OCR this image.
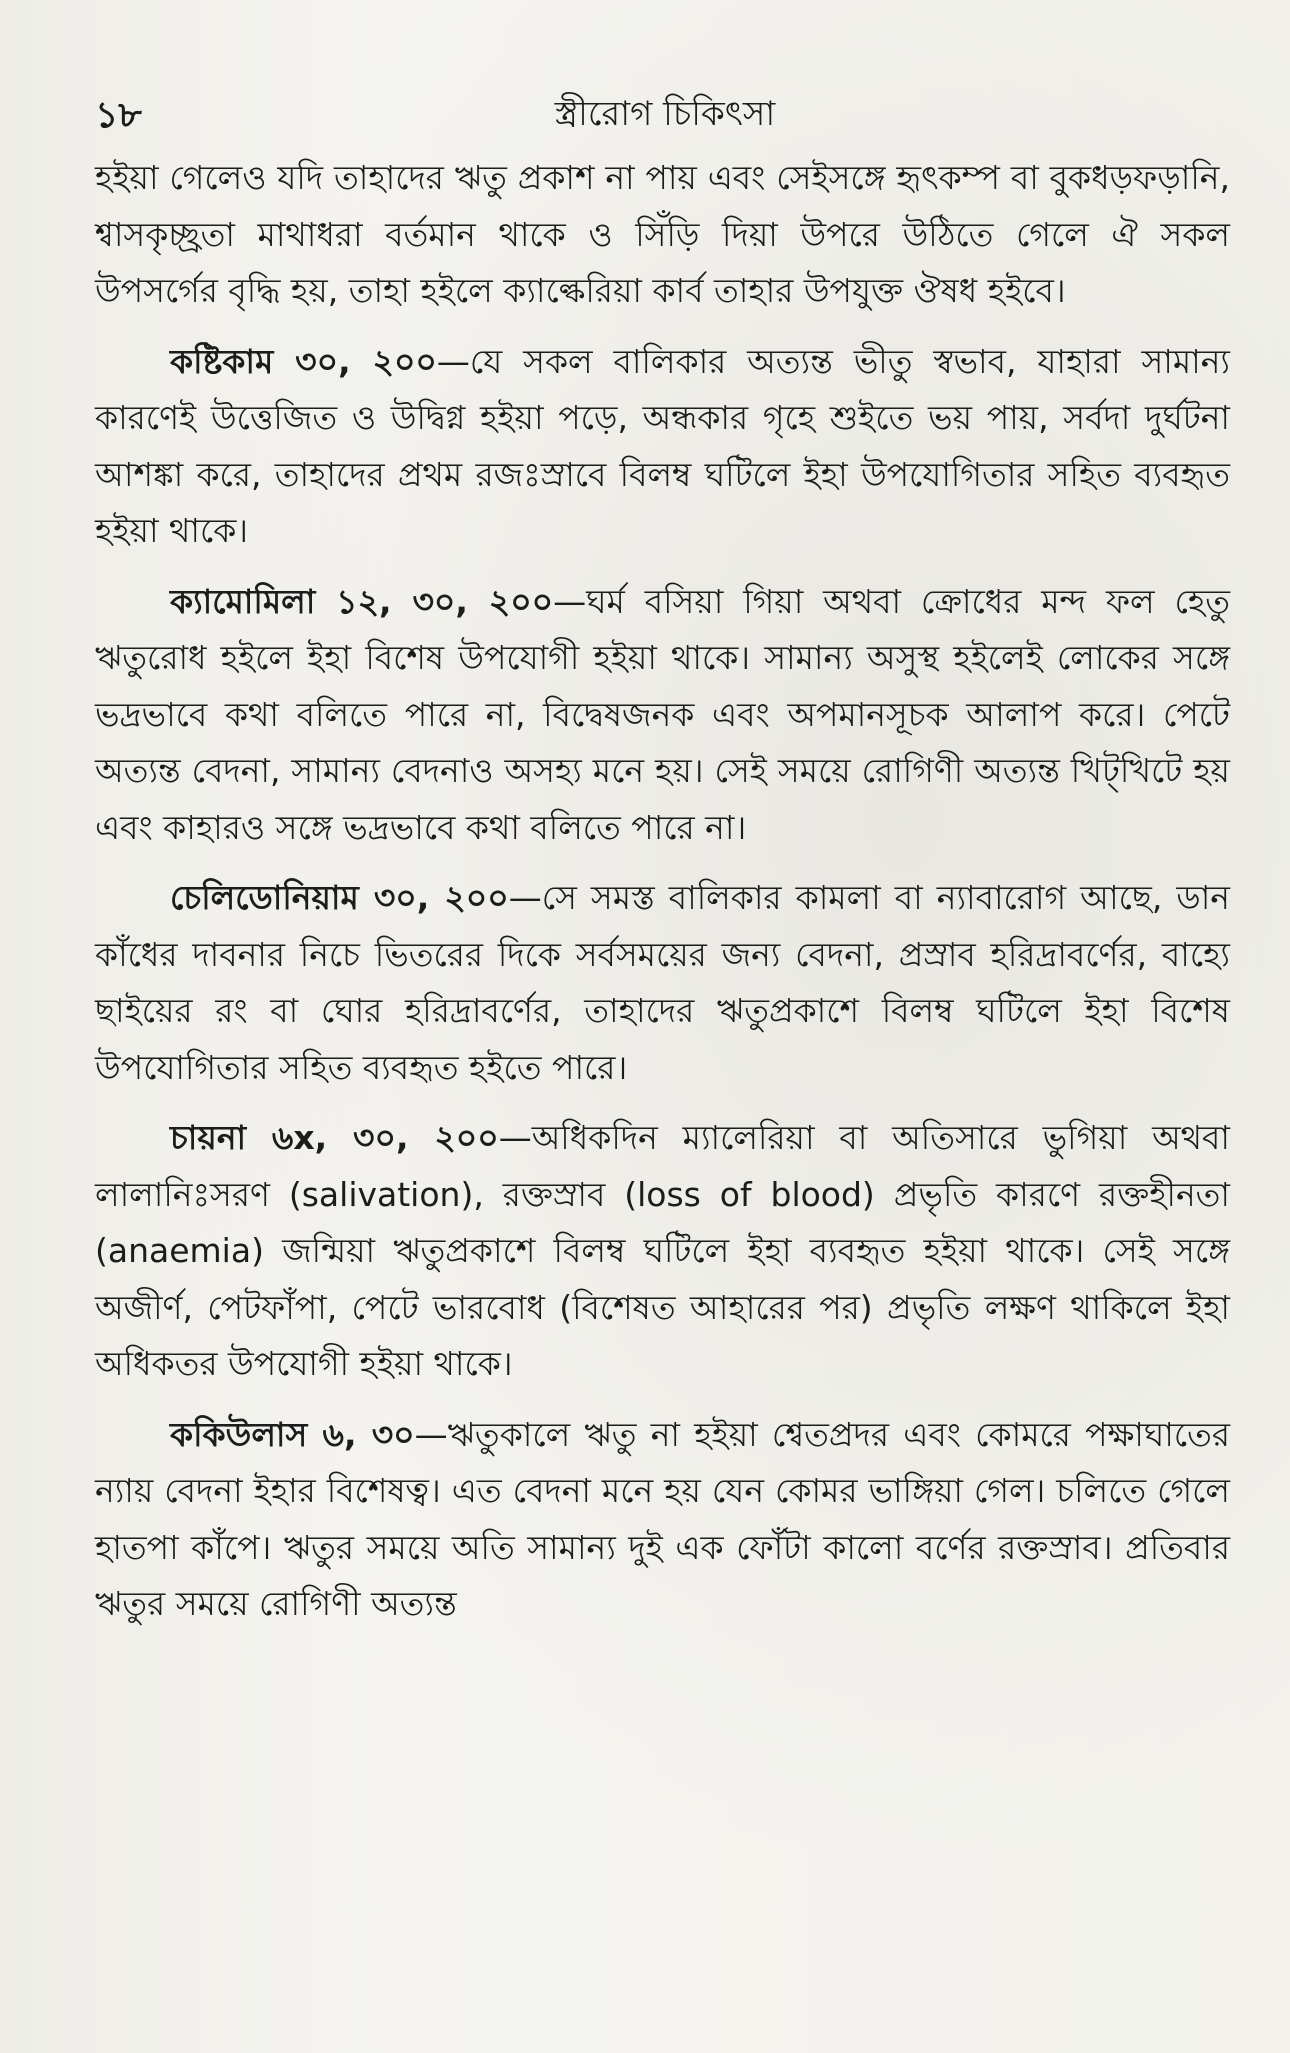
১৮	স্ত্রীরোগ চিকিৎসা

হইয়া গেলেও যদি তাহাদের ঋতু প্রকাশ না পায় এবং সেইসঙ্গে হৃৎকম্প বা বুকধড়ফড়ানি, শ্বাসকৃচ্ছ্রতা মাথাধরা বর্তমান থাকে ও সিঁড়ি দিয়া উপরে উঠিতে গেলে ঐ সকল উপসর্গের বৃদ্ধি হয়, তাহা হইলে ক্যাল্কেরিয়া কার্ব তাহার উপযুক্ত ঔষধ হইবে।

কষ্টিকাম ৩০, ২০০—যে সকল বালিকার অত্যন্ত ভীতু স্বভাব, যাহারা সামান্য কারণেই উত্তেজিত ও উদ্বিগ্ন হইয়া পড়ে, অন্ধকার গৃহে শুইতে ভয় পায়, সর্বদা দুর্ঘটনা আশঙ্কা করে, তাহাদের প্রথম রজঃস্রাবে বিলম্ব ঘটিলে ইহা উপযোগিতার সহিত ব্যবহৃত হইয়া থাকে।

ক্যামোমিলা ১২, ৩০, ২০০—ঘর্ম বসিয়া গিয়া অথবা ক্রোধের মন্দ ফল হেতু ঋতুরোধ হইলে ইহা বিশেষ উপযোগী হইয়া থাকে। সামান্য অসুস্থ হইলেই লোকের সঙ্গে ভদ্রভাবে কথা বলিতে পারে না, বিদ্বেষজনক এবং অপমানসূচক আলাপ করে। পেটে অত্যন্ত বেদনা, সামান্য বেদনাও অসহ্য মনে হয়। সেই সময়ে রোগিণী অত্যন্ত খিট্‌খিটে হয় এবং কাহারও সঙ্গে ভদ্রভাবে কথা বলিতে পারে না।

চেলিডোনিয়াম ৩০, ২০০—সে সমস্ত বালিকার কামলা বা ন্যাবারোগ আছে, ডান কাঁধের দাবনার নিচে ভিতরের দিকে সর্বসময়ের জন্য বেদনা, প্রস্রাব হরিদ্রাবর্ণের, বাহ্যে ছাইয়ের রং বা ঘোর হরিদ্রাবর্ণের, তাহাদের ঋতুপ্রকাশে বিলম্ব ঘটিলে ইহা বিশেষ উপযোগিতার সহিত ব্যবহৃত হইতে পারে।

চায়না ৬x, ৩০, ২০০—অধিকদিন ম্যালেরিয়া বা অতিসারে ভুগিয়া অথবা লালানিঃসরণ (salivation), রক্তস্রাব (loss of blood) প্রভৃতি কারণে রক্তহীনতা (anaemia) জন্মিয়া ঋতুপ্রকাশে বিলম্ব ঘটিলে ইহা ব্যবহৃত হইয়া থাকে। সেই সঙ্গে অজীর্ণ, পেটফাঁপা, পেটে ভারবোধ (বিশেষত আহারের পর) প্রভৃতি লক্ষণ থাকিলে ইহা অধিকতর উপযোগী হইয়া থাকে।

ককিউলাস ৬, ৩০—ঋতুকালে ঋতু না হইয়া শ্বেতপ্রদর এবং কোমরে পক্ষাঘাতের ন্যায় বেদনা ইহার বিশেষত্ব। এত বেদনা মনে হয় যেন কোমর ভাঙ্গিয়া গেল। চলিতে গেলে হাতপা কাঁপে। ঋতুর সময়ে অতি সামান্য দুই এক ফোঁটা কালো বর্ণের রক্তস্রাব। প্রতিবার ঋতুর সময়ে রোগিণী অত্যন্ত
